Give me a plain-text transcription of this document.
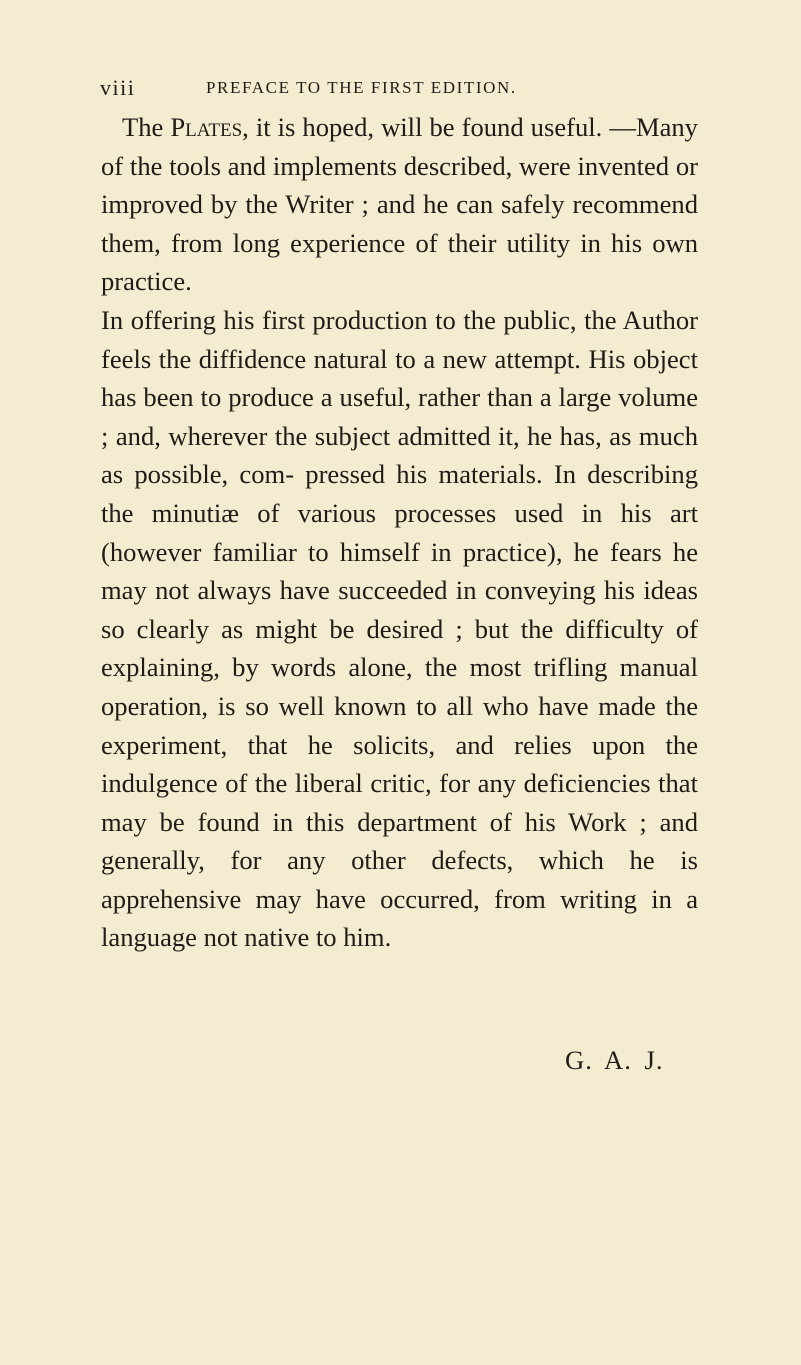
viii	PREFACE TO THE FIRST EDITION.

The Plates, it is hoped, will be found useful. —Many of the tools and implements described, were invented or improved by the Writer ; and he can safely recommend them, from long experience of their utility in his own practice.

In offering his first production to the public, the Author feels the diffidence natural to a new attempt. His object has been to produce a useful, rather than a large volume ; and, wherever the subject admitted it, he has, as much as possible, com- pressed his materials. In describing the minutiæ of various processes used in his art (however familiar to himself in practice), he fears he may not always have succeeded in conveying his ideas so clearly as might be desired ; but the difficulty of explaining, by words alone, the most trifling manual operation, is so well known to all who have made the experiment, that he solicits, and relies upon the indulgence of the liberal critic, for any deficiencies that may be found in this department of his Work ; and generally, for any other defects, which he is apprehensive may have occurred, from writing in a language not native to him.

G. A. J.
